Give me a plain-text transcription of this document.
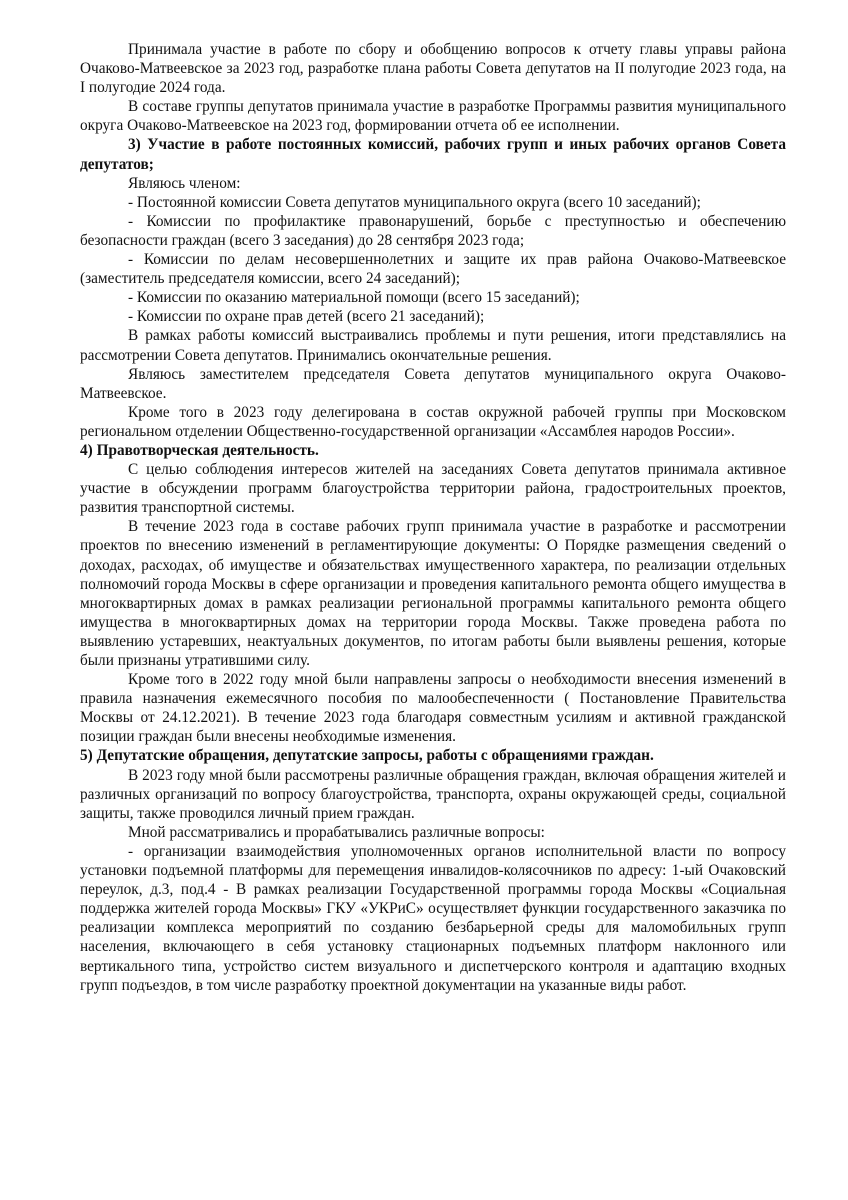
Принимала участие в работе по сбору и обобщению вопросов к отчету главы управы района Очаково-Матвеевское за 2023 год, разработке плана работы Совета депутатов на II полугодие 2023 года, на I полугодие 2024 года.

В составе группы депутатов принимала участие в разработке Программы развития муниципального округа Очаково-Матвеевское на 2023 год, формировании отчета об ее исполнении.

3) Участие в работе постоянных комиссий, рабочих групп и иных рабочих органов Совета депутатов;

Являюсь членом:

- Постоянной комиссии Совета депутатов муниципального округа (всего 10 заседаний);

- Комиссии по профилактике правонарушений, борьбе с преступностью и обеспечению безопасности граждан (всего 3 заседания) до 28 сентября 2023 года;

- Комиссии по делам несовершеннолетних и защите их прав района Очаково-Матвеевское (заместитель председателя комиссии, всего 24 заседаний);

- Комиссии по оказанию материальной помощи (всего 15 заседаний);

- Комиссии по охране прав детей (всего 21 заседаний);

В рамках работы комиссий выстраивались проблемы и пути решения, итоги представлялись на рассмотрении Совета депутатов. Принимались окончательные решения.

Являюсь заместителем председателя Совета депутатов муниципального округа Очаково-Матвеевское.

Кроме того в 2023 году делегирована в состав окружной рабочей группы при Московском региональном отделении Общественно-государственной организации «Ассамблея народов России».

4) Правотворческая деятельность.

С целью соблюдения интересов жителей на заседаниях Совета депутатов принимала активное участие в обсуждении программ благоустройства территории района, градостроительных проектов, развития транспортной системы.

В течение 2023 года в составе рабочих групп принимала участие в разработке и рассмотрении проектов по внесению изменений в регламентирующие документы: О Порядке размещения сведений о доходах, расходах, об имуществе и обязательствах имущественного характера, по реализации отдельных полномочий города Москвы в сфере организации и проведения капитального ремонта общего имущества в многоквартирных домах в рамках реализации региональной программы капитального ремонта общего имущества в многоквартирных домах на территории города Москвы. Также проведена работа по выявлению устаревших, неактуальных документов, по итогам работы были выявлены решения, которые были признаны утратившими силу.

Кроме того в 2022 году мной были направлены запросы о необходимости внесения изменений в правила назначения ежемесячного пособия по малообеспеченности ( Постановление Правительства Москвы от 24.12.2021). В течение 2023 года благодаря совместным усилиям и активной гражданской позиции граждан были внесены необходимые изменения.

5) Депутатские обращения, депутатские запросы, работы с обращениями граждан.

В 2023 году мной были рассмотрены различные обращения граждан, включая обращения жителей и различных организаций по вопросу благоустройства, транспорта, охраны окружающей среды, социальной защиты, также проводился личный прием граждан.

Мной рассматривались и прорабатывались различные вопросы:

- организации взаимодействия уполномоченных органов исполнительной власти по вопросу установки подъемной платформы для перемещения инвалидов-колясочников по адресу: 1-ый Очаковский переулок, д.3, под.4 - В рамках реализации Государственной программы города Москвы «Социальная поддержка жителей города Москвы» ГКУ «УКРиС» осуществляет функции государственного заказчика по реализации комплекса мероприятий по созданию безбарьерной среды для маломобильных групп населения, включающего в себя установку стационарных подъемных платформ наклонного или вертикального типа, устройство систем визуального и диспетчерского контроля и адаптацию входных групп подъездов, в том числе разработку проектной документации на указанные виды работ.
